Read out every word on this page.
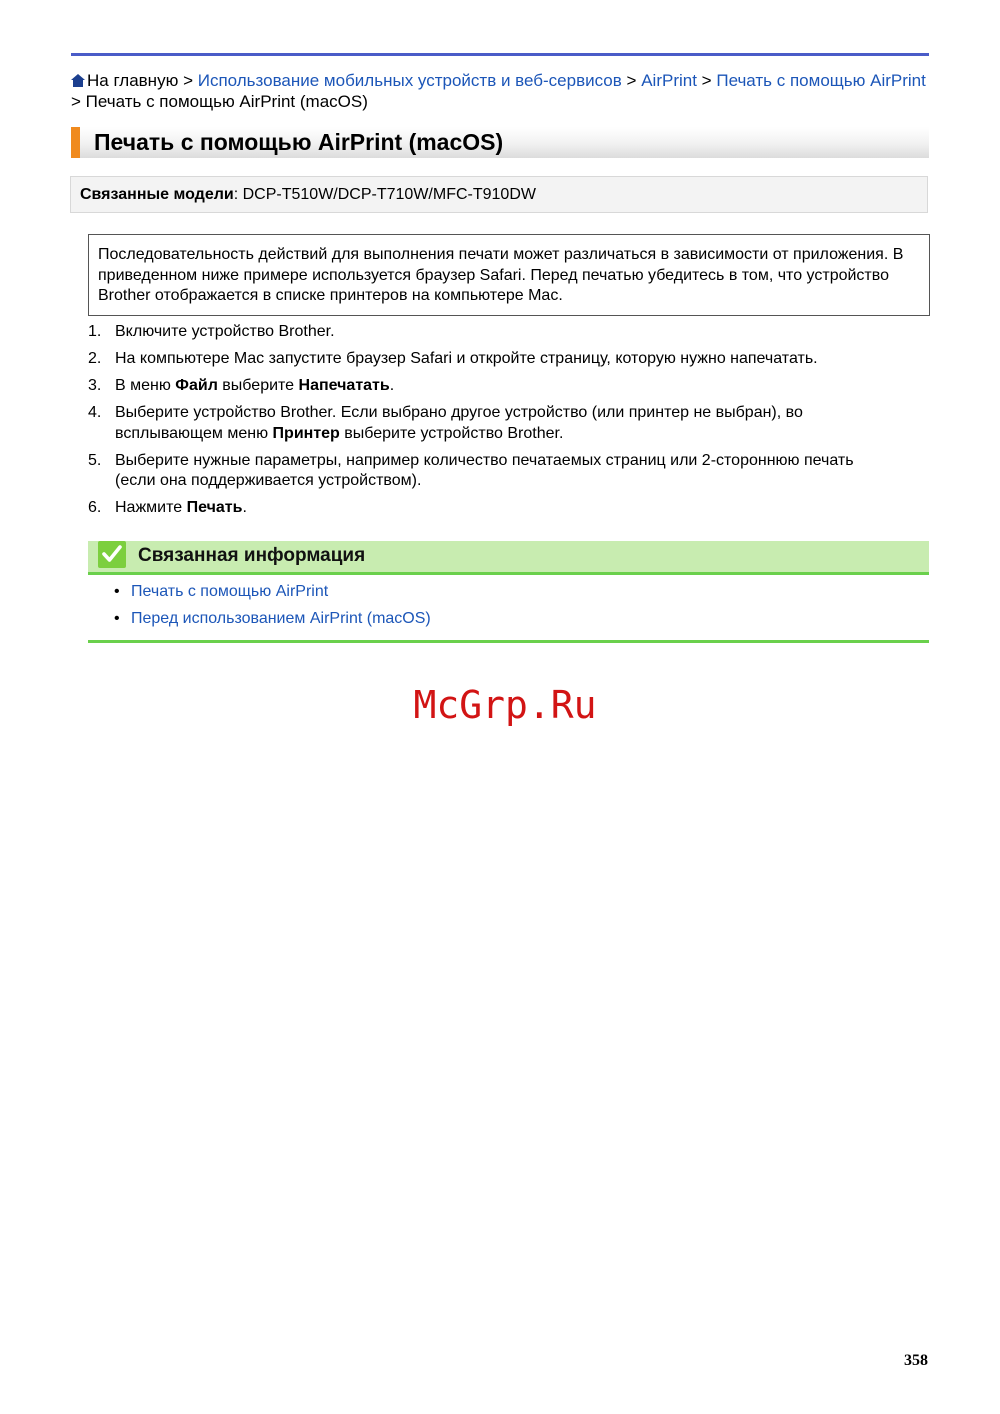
На главную > Использование мобильных устройств и веб-сервисов > AirPrint > Печать с помощью AirPrint > Печать с помощью AirPrint (macOS)
Печать с помощью AirPrint (macOS)
Связанные модели: DCP-T510W/DCP-T710W/MFC-T910DW
Последовательность действий для выполнения печати может различаться в зависимости от приложения. В приведенном ниже примере используется браузер Safari. Перед печатью убедитесь в том, что устройство Brother отображается в списке принтеров на компьютере Mac.
1. Включите устройство Brother.
2. На компьютере Mac запустите браузер Safari и откройте страницу, которую нужно напечатать.
3. В меню Файл выберите Напечатать.
4. Выберите устройство Brother. Если выбрано другое устройство (или принтер не выбран), во всплывающем меню Принтер выберите устройство Brother.
5. Выберите нужные параметры, например количество печатаемых страниц или 2-стороннюю печать (если она поддерживается устройством).
6. Нажмите Печать.
Связанная информация
• Печать с помощью AirPrint
• Перед использованием AirPrint (macOS)
McGrp.Ru
358
